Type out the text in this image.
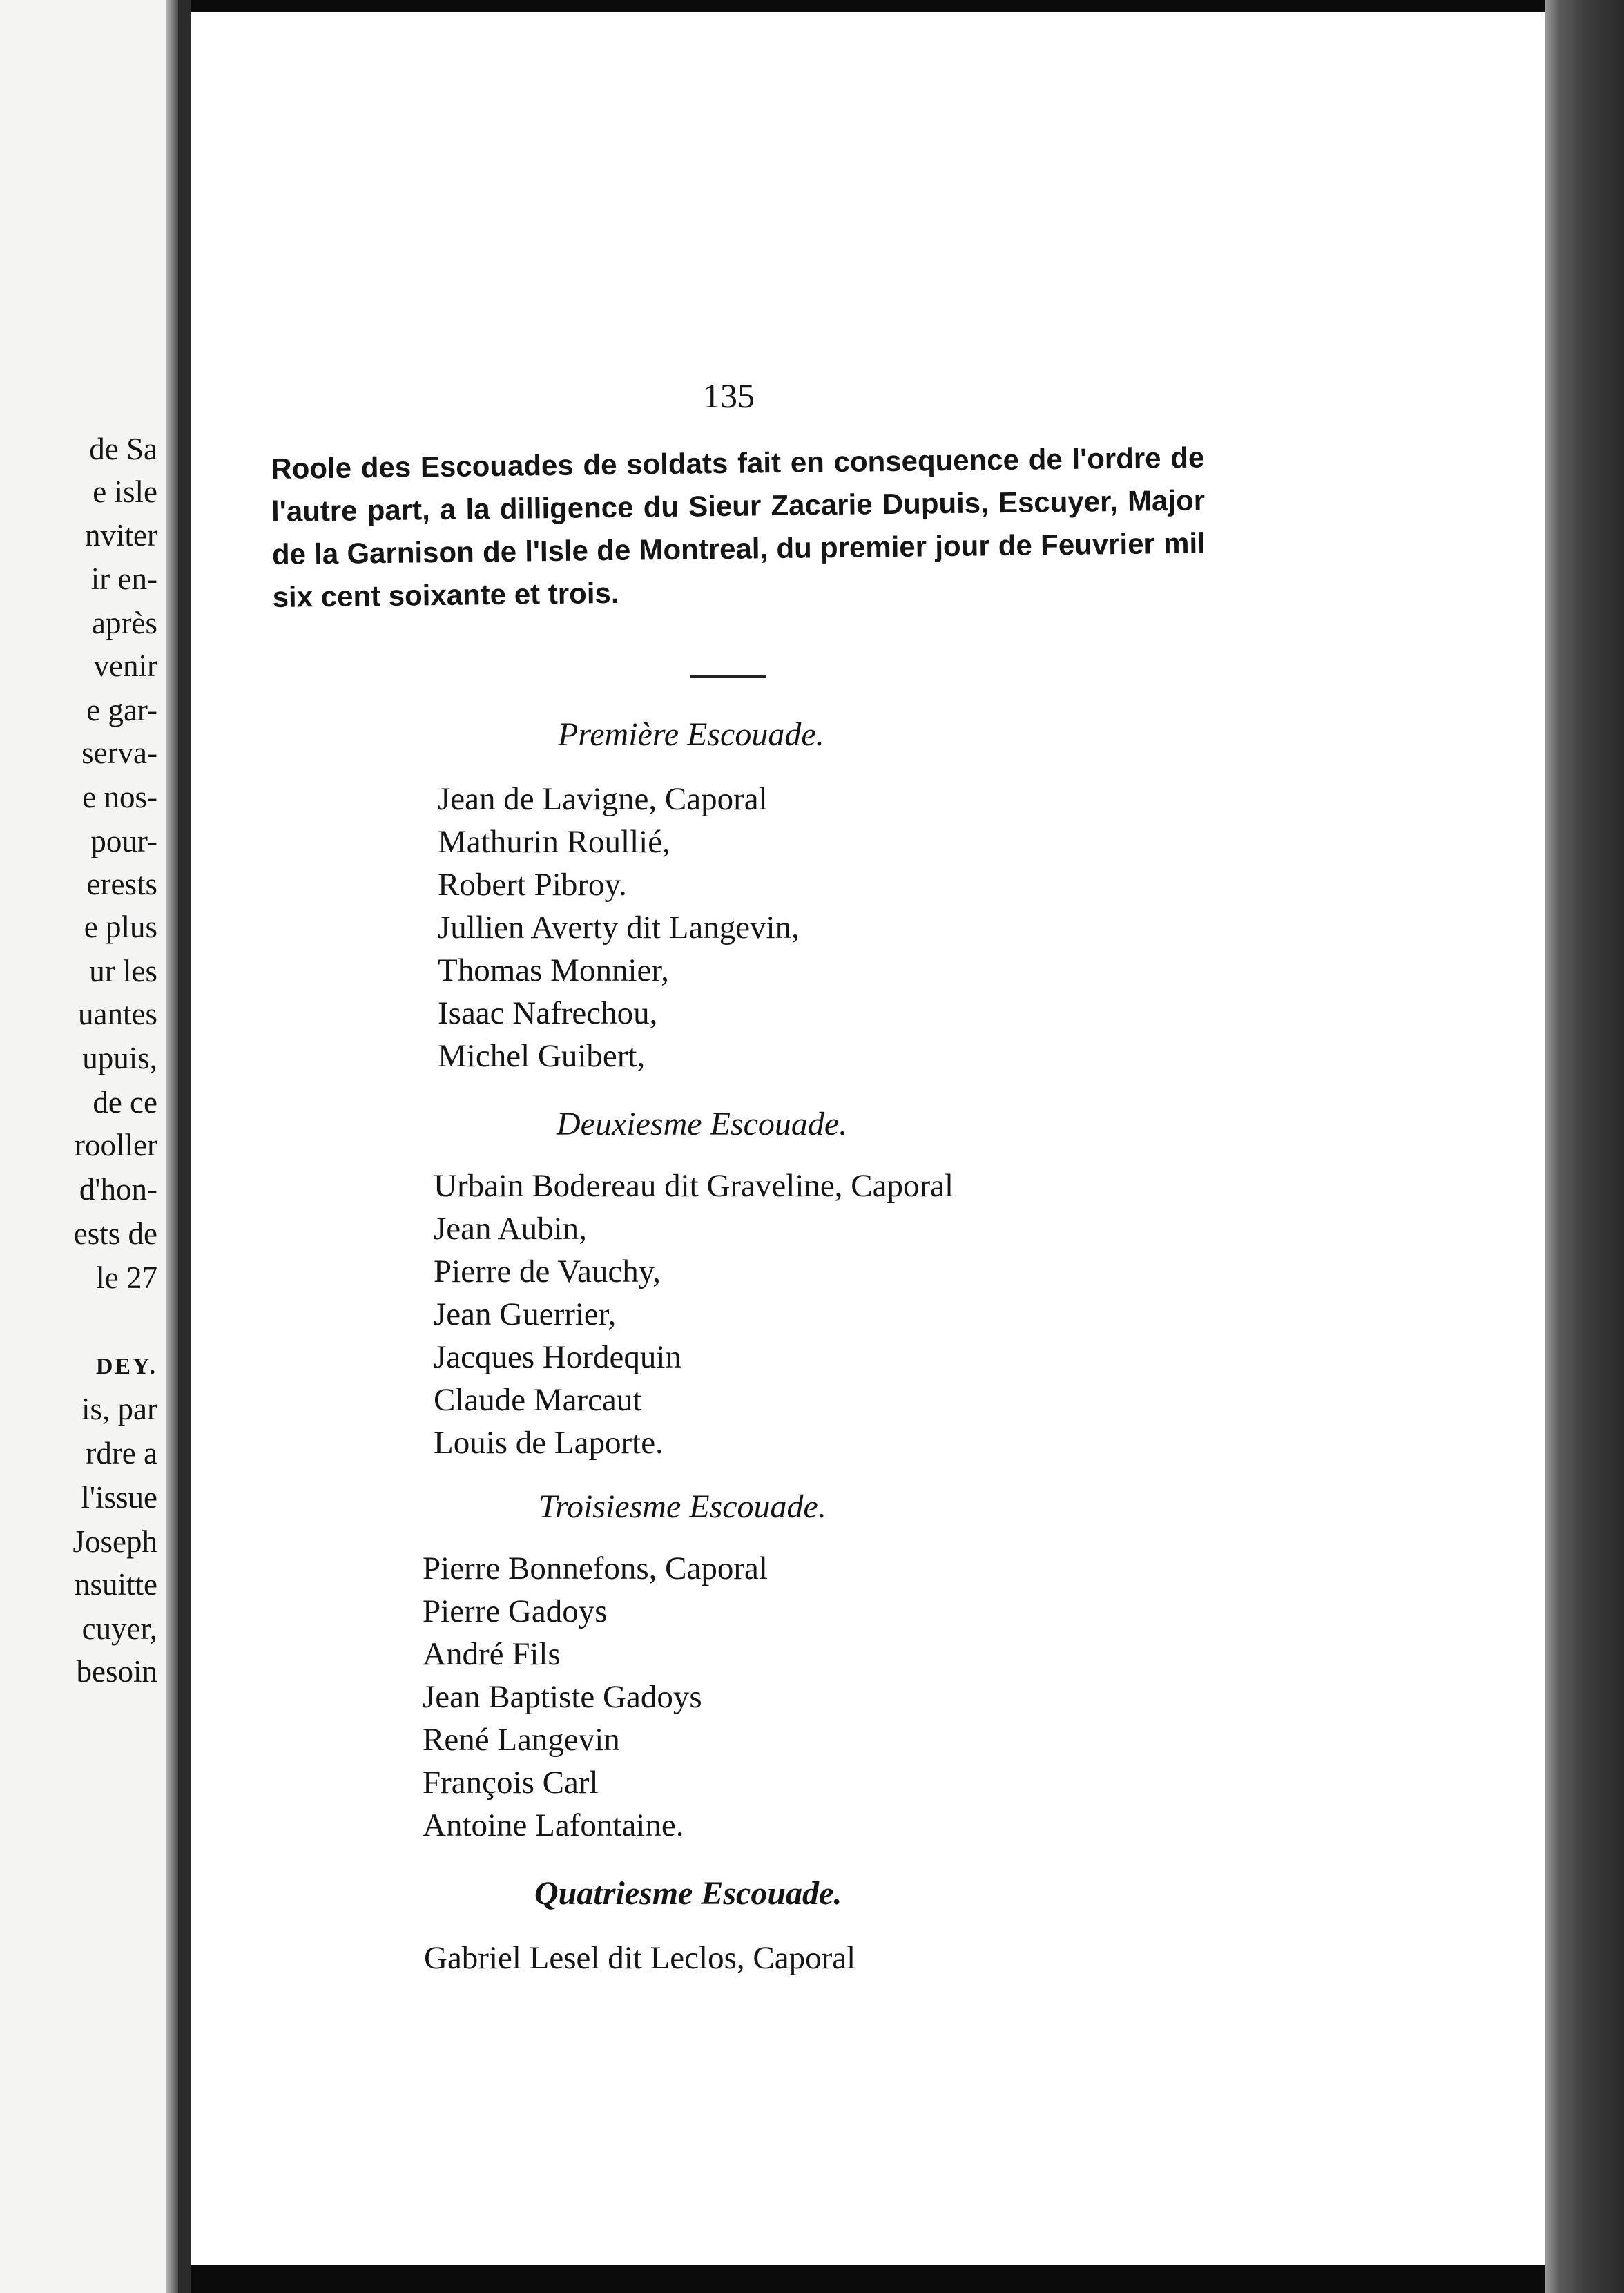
de Sa
e isle
nviter
ir en-
après
venir
e gar-
serva-
e nos-
pour-
erests
e plus
ur les
uantes
upuis,
de ce
rooller
d'hon-
ests de
le 27
DEY.
is, par
rdre a
l'issue
Joseph
nsuitte
cuyer,
besoin
135
Roole des Escouades de soldats fait en consequence de l'ordre de l'autre part, a la dilligence du Sieur Zacarie Dupuis, Escuyer, Major de la Garnison de l'Isle de Montreal, du premier jour de Feuvrier mil six cent soixante et trois.
Première Escouade.
Jean de Lavigne, Caporal
Mathurin Roullié,
Robert Pibroy.
Jullien Averty dit Langevin,
Thomas Monnier,
Isaac Nafrechou,
Michel Guibert,
Deuxiesme Escouade.
Urbain Bodereau dit Graveline, Caporal
Jean Aubin,
Pierre de Vauchy,
Jean Guerrier,
Jacques Hordequin
Claude Marcaut
Louis de Laporte.
Troisiesme Escouade.
Pierre Bonnefons, Caporal
Pierre Gadoys
André Fils
Jean Baptiste Gadoys
René Langevin
François Carl
Antoine Lafontaine.
Quatriesme Escouade.
Gabriel Lesel dit Leclos, Caporal
